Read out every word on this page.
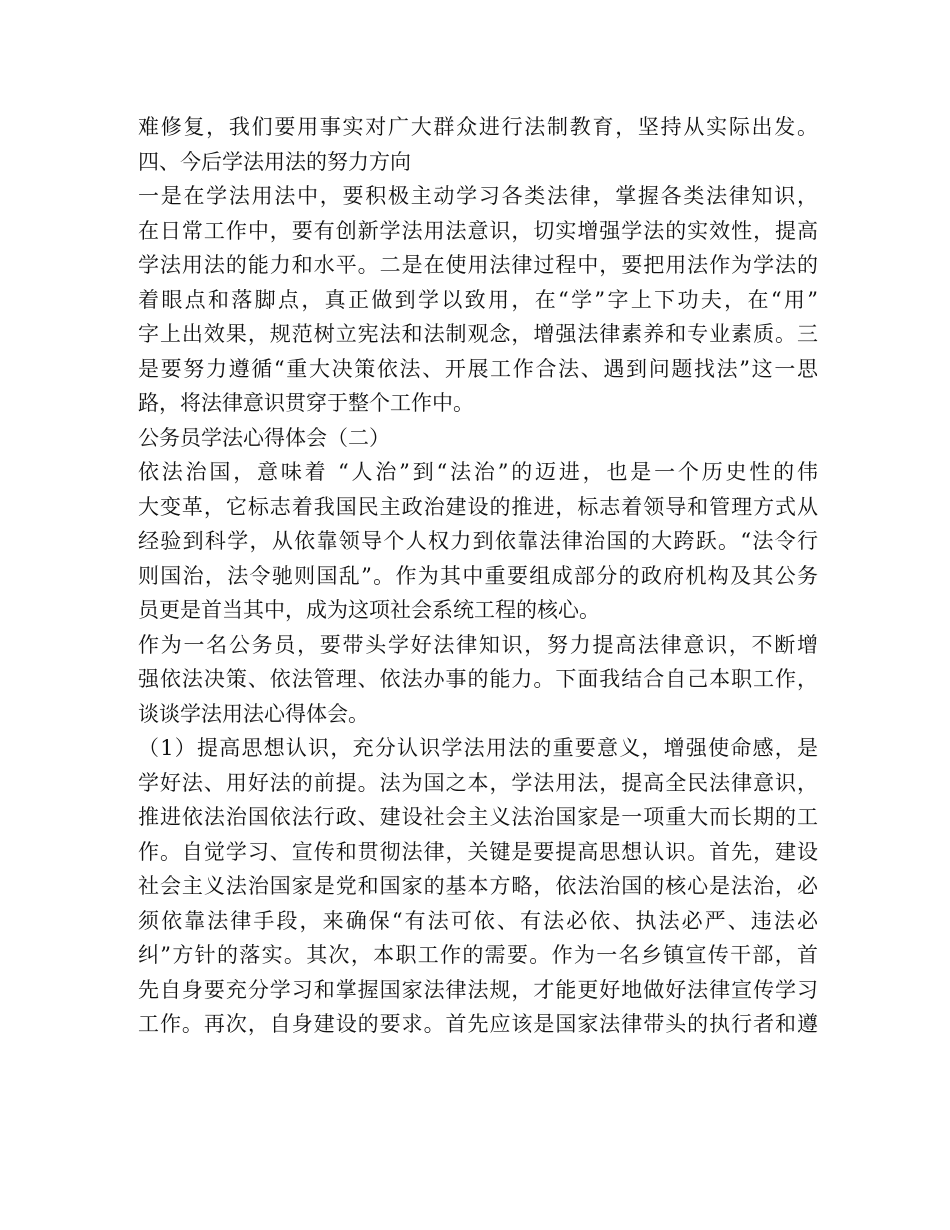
难修复，我们要用事实对广大群众进行法制教育，坚持从实际出发。
四、今后学法用法的努力方向
一是在学法用法中，要积极主动学习各类法律，掌握各类法律知识，
在日常工作中，要有创新学法用法意识，切实增强学法的实效性，提高
学法用法的能力和水平。二是在使用法律过程中，要把用法作为学法的
着眼点和落脚点，真正做到学以致用，在“学”字上下功夫，在“用”
字上出效果，规范树立宪法和法制观念，增强法律素养和专业素质。三
是要努力遵循“重大决策依法、开展工作合法、遇到问题找法”这一思
路，将法律意识贯穿于整个工作中。
公务员学法心得体会（二）
依法治国，意味着 “人治”到“法治”的迈进，也是一个历史性的伟
大变革，它标志着我国民主政治建设的推进，标志着领导和管理方式从
经验到科学，从依靠领导个人权力到依靠法律治国的大跨跃。“法令行
则国治，法令驰则国乱”。作为其中重要组成部分的政府机构及其公务
员更是首当其中，成为这项社会系统工程的核心。
作为一名公务员，要带头学好法律知识，努力提高法律意识，不断增
强依法决策、依法管理、依法办事的能力。下面我结合自己本职工作，
谈谈学法用法心得体会。
（1）提高思想认识，充分认识学法用法的重要意义，增强使命感，是
学好法、用好法的前提。法为国之本，学法用法，提高全民法律意识，
推进依法治国依法行政、建设社会主义法治国家是一项重大而长期的工
作。自觉学习、宣传和贯彻法律，关键是要提高思想认识。首先，建设
社会主义法治国家是党和国家的基本方略，依法治国的核心是法治，必
须依靠法律手段，来确保“有法可依、有法必依、执法必严、违法必
纠”方针的落实。其次，本职工作的需要。作为一名乡镇宣传干部，首
先自身要充分学习和掌握国家法律法规，才能更好地做好法律宣传学习
工作。再次，自身建设的要求。首先应该是国家法律带头的执行者和遵
